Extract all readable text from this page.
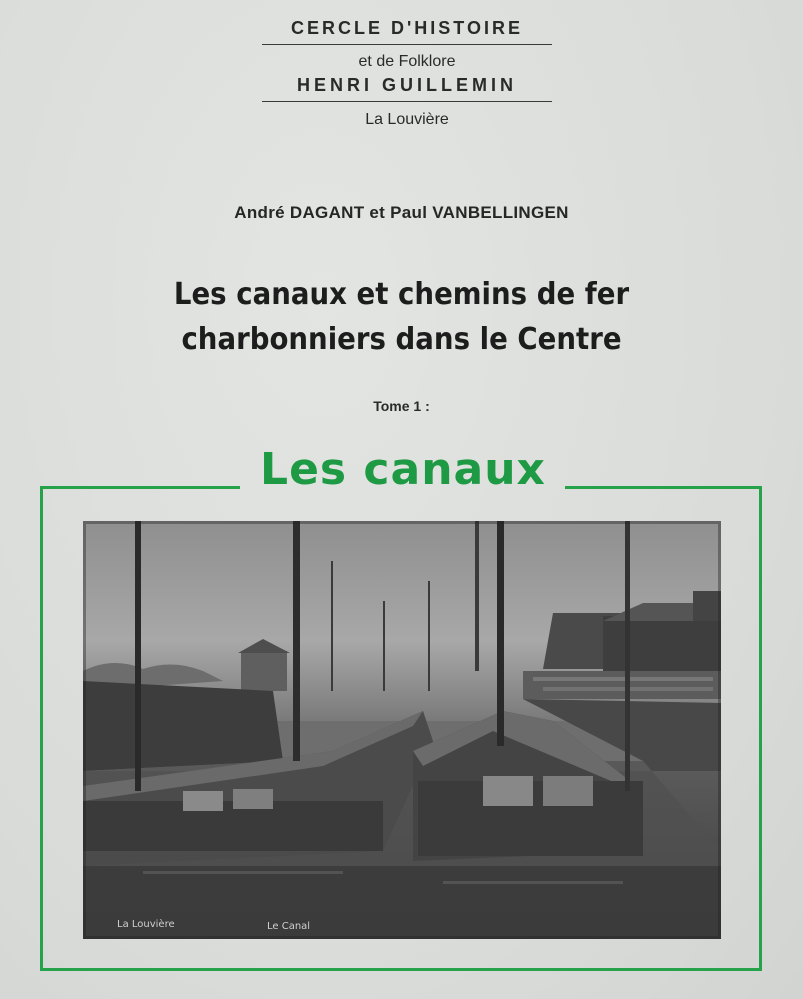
CERCLE D'HISTOIRE
et de Folklore
HENRI GUILLEMIN
La Louvière
André DAGANT et Paul VANBELLINGEN
Les canaux et chemins de fer
charbonniers dans le Centre
Tome 1 :
Les canaux
La Louvière	Le Canal
